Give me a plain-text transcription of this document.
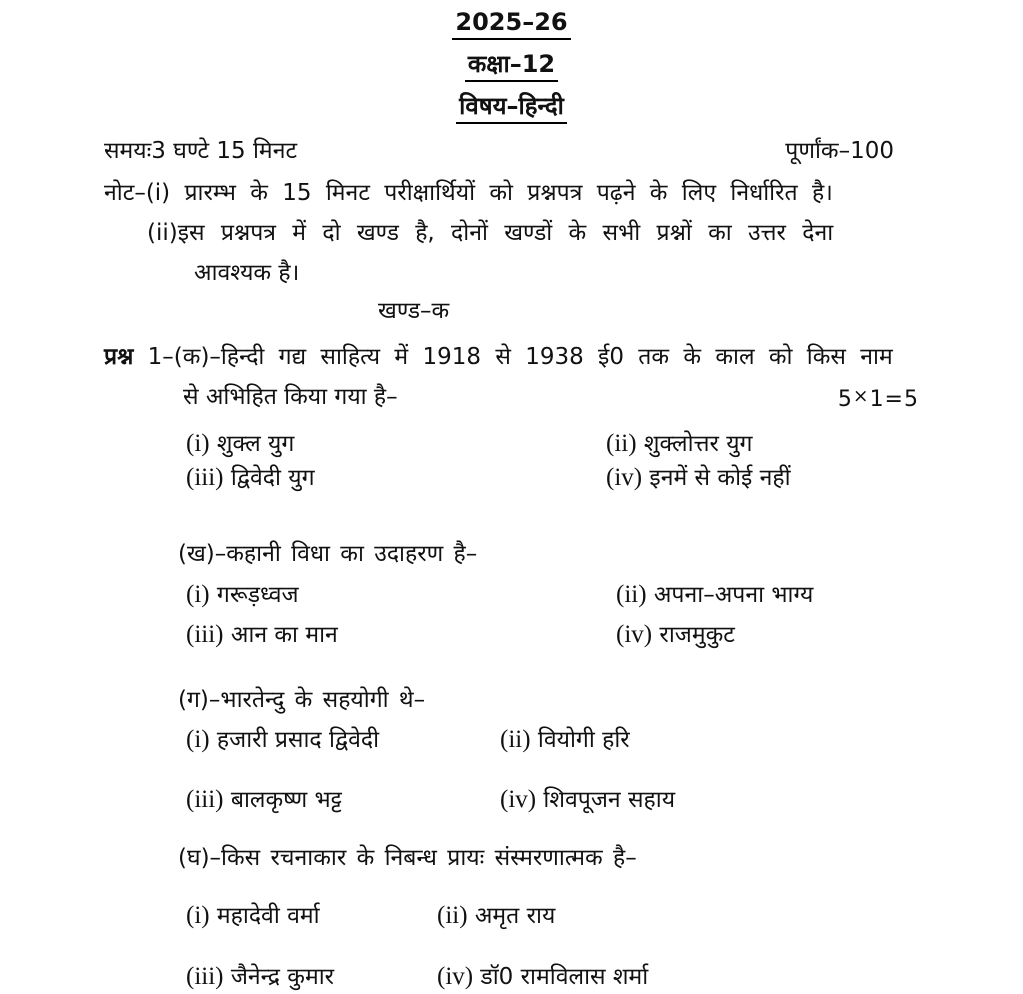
2025–26
कक्षा–12
विषय–हिन्दी
समयः3 घण्टे 15 मिनट	पूर्णांक–100
नोट–(i) प्रारम्भ के 15 मिनट परीक्षार्थियों को प्रश्नपत्र पढ़ने के लिए निर्धारित है।
(ii)इस प्रश्नपत्र में दो खण्ड है, दोनों खण्डों के सभी प्रश्नों का उत्तर देना
आवश्यक है।
खण्ड–क
प्रश्न 1–(क)–हिन्दी गद्य साहित्य में 1918 से 1938 ई0 तक के काल को किस नाम
से अभिहित किया गया है–	5×1=5
(i) शुक्ल युग	(ii) शुक्लोत्तर युग
(iii) द्विवेदी युग	(iv) इनमें से कोई नहीं
(ख)–कहानी विधा का उदाहरण है–
(i) गरूड़ध्वज	(ii) अपना–अपना भाग्य
(iii) आन का मान	(iv) राजमुकुट
(ग)–भारतेन्दु के सहयोगी थे–
(i) हजारी प्रसाद द्विवेदी	(ii) वियोगी हरि
(iii) बालकृष्ण भट्ट	(iv) शिवपूजन सहाय
(घ)–किस रचनाकार के निबन्ध प्रायः संस्मरणात्मक है–
(i) महादेवी वर्मा	(ii) अमृत राय
(iii) जैनेन्द्र कुमार	(iv) डॉ0 रामविलास शर्मा
